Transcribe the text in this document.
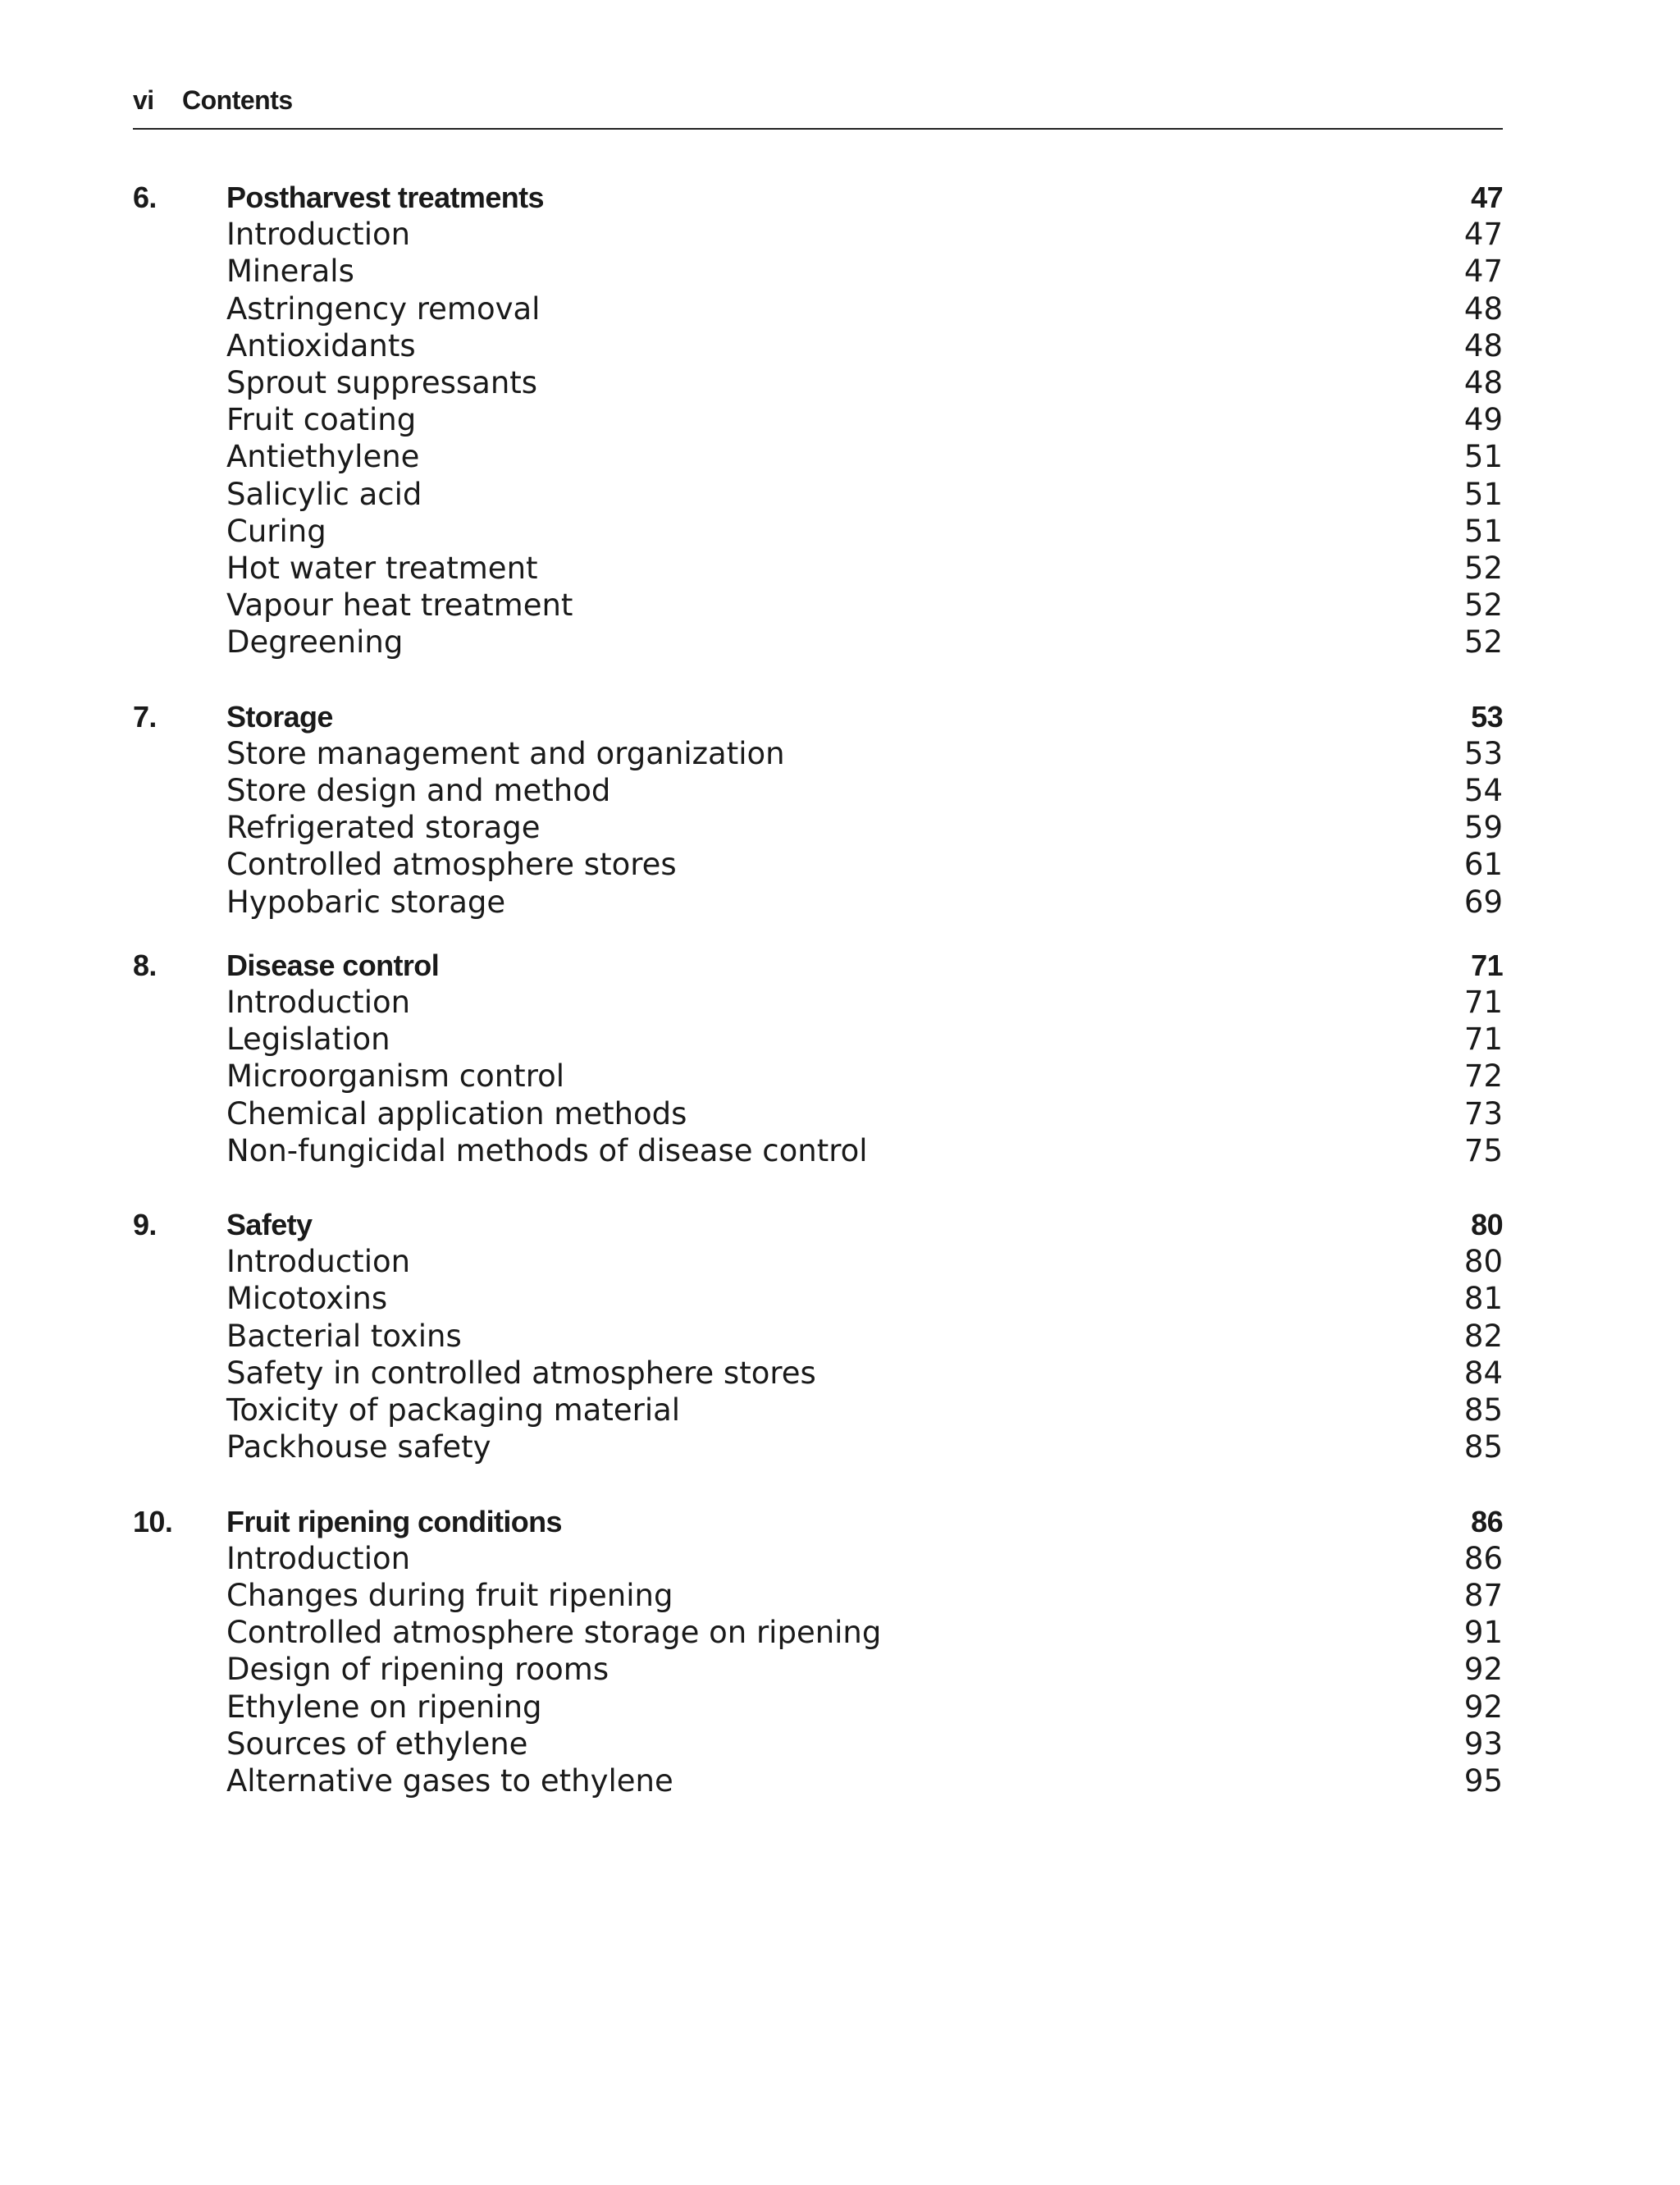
vi Contents
6. Postharvest treatments	47
Introduction	47
Minerals	47
Astringency removal	48
Antioxidants	48
Sprout suppressants	48
Fruit coating	49
Antiethylene	51
Salicylic acid	51
Curing	51
Hot water treatment	52
Vapour heat treatment	52
Degreening	52
7. Storage	53
Store management and organization	53
Store design and method	54
Refrigerated storage	59
Controlled atmosphere stores	61
Hypobaric storage	69
8. Disease control	71
Introduction	71
Legislation	71
Microorganism control	72
Chemical application methods	73
Non-fungicidal methods of disease control	75
9. Safety	80
Introduction	80
Micotoxins	81
Bacterial toxins	82
Safety in controlled atmosphere stores	84
Toxicity of packaging material	85
Packhouse safety	85
10. Fruit ripening conditions	86
Introduction	86
Changes during fruit ripening	87
Controlled atmosphere storage on ripening	91
Design of ripening rooms	92
Ethylene on ripening	92
Sources of ethylene	93
Alternative gases to ethylene	95
